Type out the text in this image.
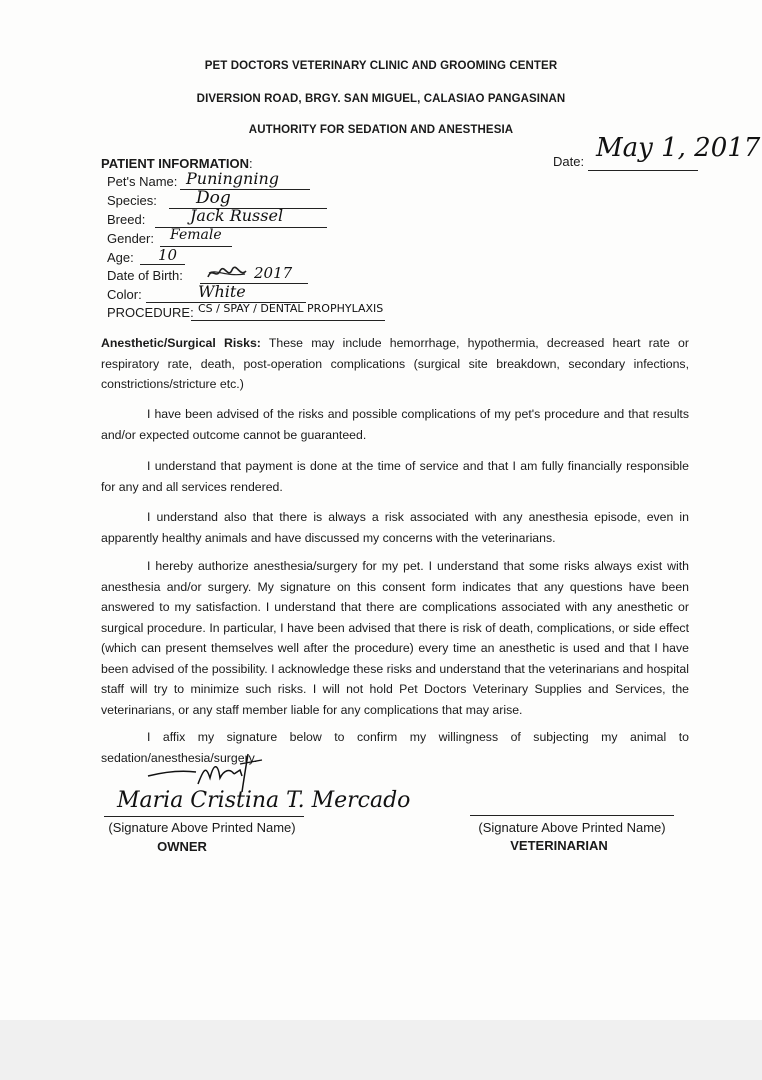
PET DOCTORS VETERINARY CLINIC AND GROOMING CENTER
DIVERSION ROAD, BRGY. SAN MIGUEL, CALASIAO PANGASINAN
AUTHORITY FOR SEDATION AND ANESTHESIA
Date: May 1, 2017
PATIENT INFORMATION:
Pet's Name: Puningning
Species: Dog
Breed:	Jack Russel
Gender: Female
Age: 10
Date of Birth:	2017
Color:	White
PROCEDURE: CS / SPAY / DENTAL PROPHYLAXIS
Anesthetic/Surgical Risks: These may include hemorrhage, hypothermia, decreased heart rate or respiratory rate, death, post-operation complications (surgical site breakdown, secondary infections, constrictions/stricture etc.)
I have been advised of the risks and possible complications of my pet's procedure and that results and/or expected outcome cannot be guaranteed.
I understand that payment is done at the time of service and that I am fully financially responsible for any and all services rendered.
I understand also that there is always a risk associated with any anesthesia episode, even in apparently healthy animals and have discussed my concerns with the veterinarians.
I hereby authorize anesthesia/surgery for my pet. I understand that some risks always exist with anesthesia and/or surgery. My signature on this consent form indicates that any questions have been answered to my satisfaction. I understand that there are complications associated with any anesthetic or surgical procedure. In particular, I have been advised that there is risk of death, complications, or side effect (which can present themselves well after the procedure) every time an anesthetic is used and that I have been advised of the possibility. I acknowledge these risks and understand that the veterinarians and hospital staff will try to minimize such risks. I will not hold Pet Doctors Veterinary Supplies and Services, the veterinarians, or any staff member liable for any complications that may arise.
I affix my signature below to confirm my willingness of subjecting my animal to sedation/anesthesia/surgery.
Maria Cristina T. Mercado
(Signature Above Printed Name)
OWNER
(Signature Above Printed Name)
VETERINARIAN
